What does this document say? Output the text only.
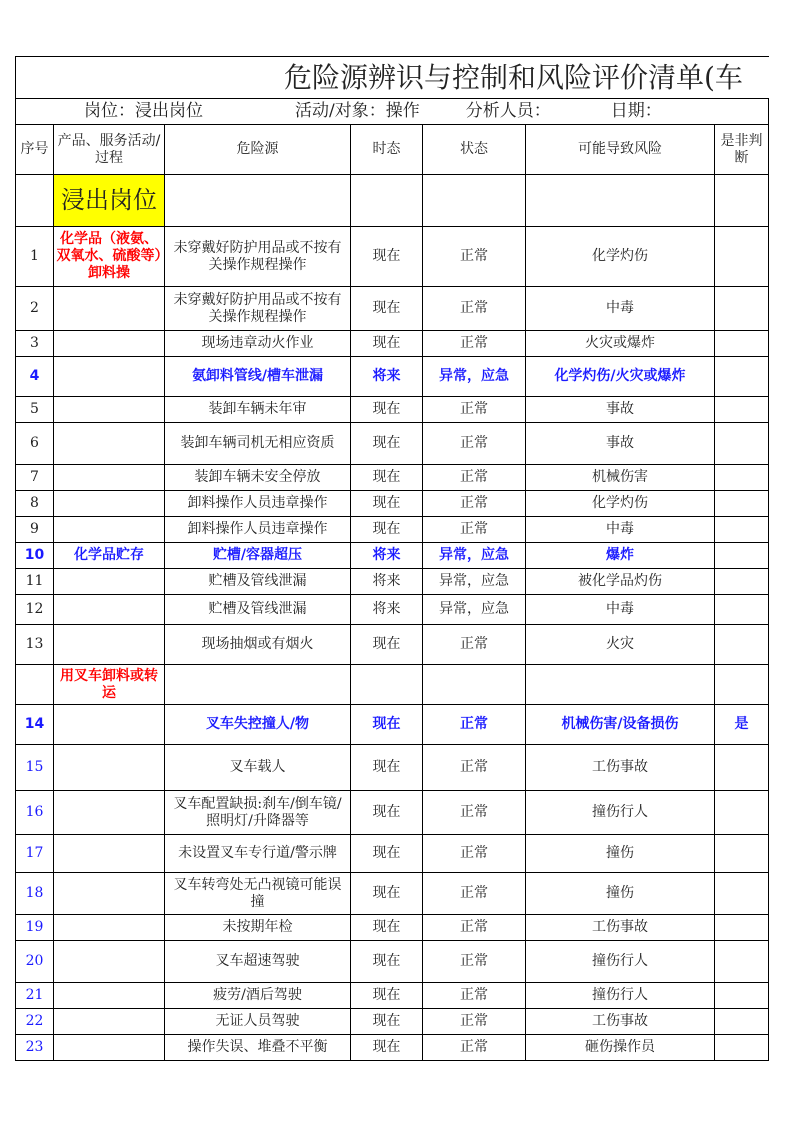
危险源辨识与控制和风险评价清单(车						
岗位：浸出岗位 活动/对象：操作 分析人员： 日期：						
序号	产品、服务活动/过程	危险源	时态	状态	可能导致风险	是非判断
	浸出岗位					
1	化学品（液氨、双氧水、硫酸等）卸料操	未穿戴好防护用品或不按有关操作规程操作	现在	正常	化学灼伤	
2		未穿戴好防护用品或不按有关操作规程操作	现在	正常	中毒	
3		现场违章动火作业	现在	正常	火灾或爆炸	
4		氨卸料管线/槽车泄漏	将来	异常，应急	化学灼伤/火灾或爆炸	
5		装卸车辆未年审	现在	正常	事故	
6		装卸车辆司机无相应资质	现在	正常	事故	
7		装卸车辆未安全停放	现在	正常	机械伤害	
8		卸料操作人员违章操作	现在	正常	化学灼伤	
9		卸料操作人员违章操作	现在	正常	中毒	
10	化学品贮存	贮槽/容器超压	将来	异常，应急	爆炸	
11		贮槽及管线泄漏	将来	异常，应急	被化学品灼伤	
12		贮槽及管线泄漏	将来	异常，应急	中毒	
13		现场抽烟或有烟火	现在	正常	火灾	
	用叉车卸料或转运					
14		叉车失控撞人/物	现在	正常	机械伤害/设备损伤	是
15		叉车载人	现在	正常	工伤事故	
16		叉车配置缺损:刹车/倒车镜/照明灯/升降器等	现在	正常	撞伤行人	
17		未设置叉车专行道/警示牌	现在	正常	撞伤	
18		叉车转弯处无凸视镜可能误撞	现在	正常	撞伤	
19		未按期年检	现在	正常	工伤事故	
20		叉车超速驾驶	现在	正常	撞伤行人	
21		疲劳/酒后驾驶	现在	正常	撞伤行人	
22		无证人员驾驶	现在	正常	工伤事故	
23		操作失误、堆叠不平衡	现在	正常	砸伤操作员	
